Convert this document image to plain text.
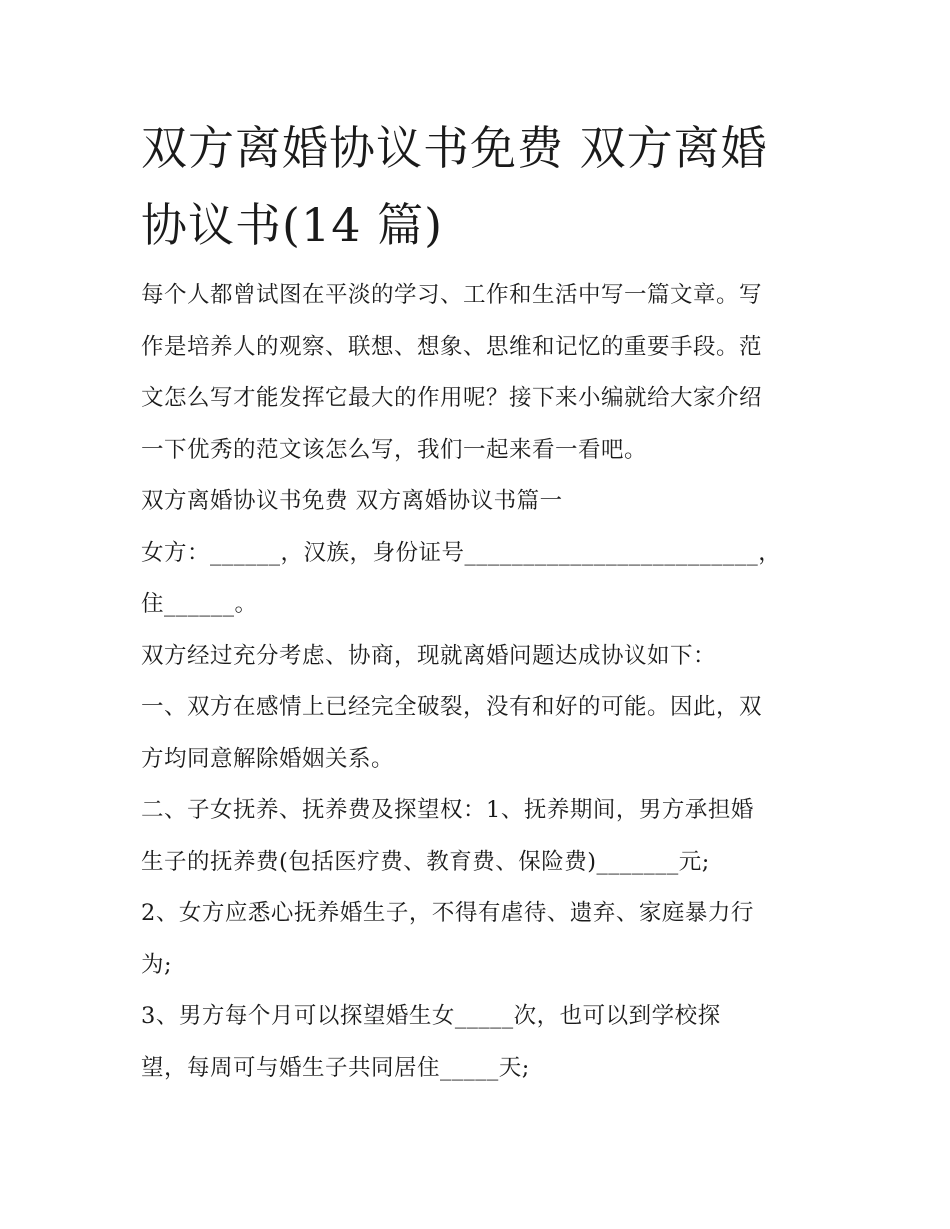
双方离婚协议书免费 双方离婚
协议书(14 篇)
每个人都曾试图在平淡的学习、工作和生活中写一篇文章。写
作是培养人的观察、联想、想象、思维和记忆的重要手段。范
文怎么写才能发挥它最大的作用呢？接下来小编就给大家介绍
一下优秀的范文该怎么写，我们一起来看一看吧。
双方离婚协议书免费 双方离婚协议书篇一
女方：______，汉族，身份证号_________________________，
住______。
双方经过充分考虑、协商，现就离婚问题达成协议如下：
一、双方在感情上已经完全破裂，没有和好的可能。因此，双
方均同意解除婚姻关系。
二、子女抚养、抚养费及探望权：1、抚养期间，男方承担婚
生子的抚养费(包括医疗费、教育费、保险费)_______元;
2、女方应悉心抚养婚生子，不得有虐待、遗弃、家庭暴力行
为;
3、男方每个月可以探望婚生女_____次，也可以到学校探
望，每周可与婚生子共同居住_____天;
